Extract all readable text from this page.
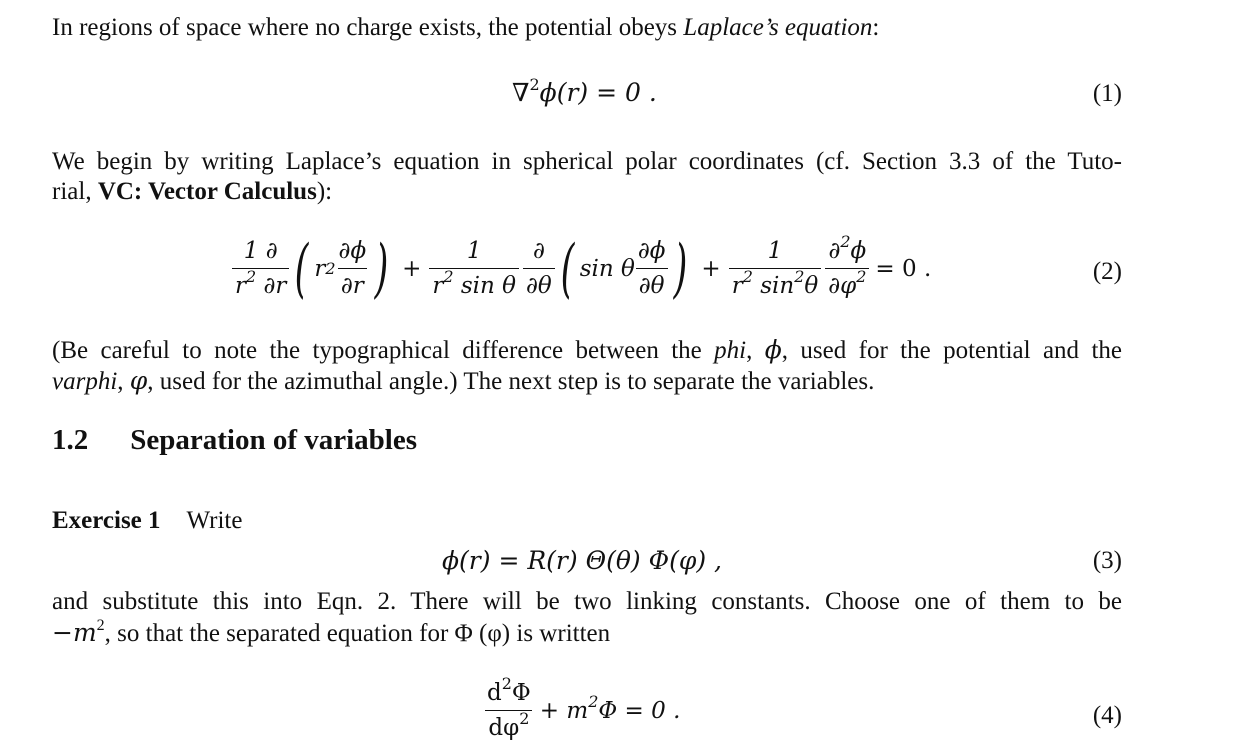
In regions of space where no charge exists, the potential obeys Laplace’s equation:
∇$^2$ϕ(r) = 0 .	(1)
We begin by writing Laplace’s equation in spherical polar coordinates (cf. Section 3.3 of the Tuto-
rial, VC: Vector Calculus):
$\frac{1 \partial}{r^2 \partial r}$ ( r $2 \frac{\partial\phi}{\partial r}$ ) + $\frac{1}{r^2 \sin \theta} \frac{\partial}{\partial\theta}$ ( sin θ $\frac{\partial\phi}{\partial\theta}$ ) + $\frac{1}{r^2 \sin^2\theta} \frac{\partial^2\phi}{\partial\varphi^2} = 0$ .	(2)
(Be careful to note the typographical difference between the phi, ϕ, used for the potential and the
varphi, φ, used for the azimuthal angle.) The next step is to separate the variables.
1.2 Separation of variables
Exercise 1 Write
ϕ(r) = R(r) Θ(θ) Φ(φ) ,	(3)
and substitute this into Eqn. 2. There will be two linking constants. Choose one of them to be
$-m^2$, so that the separated equation for Φ (φ) is written
$\frac{d^2\Phi}{d\varphi^2} + m^2\Phi = 0$ .	(4)
